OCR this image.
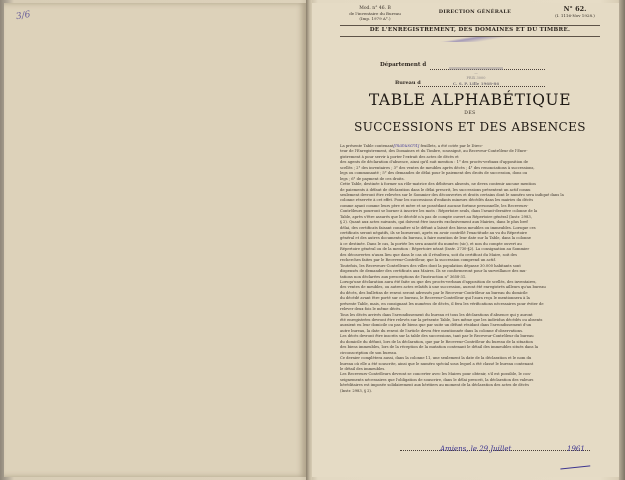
3/6
Mod. n° 46. B
de l'inventaire du Bureau
(Imp. 1979 A°.)
DIRECTION GÉNÉRALE	N° 62.
(I. 1116-Nov 1928.)
DE L'ENREGISTREMENT, DES DOMAINES ET DU TIMBRE.
Département d
—
PRIX 3000
C. S. P. Lille 1968-86
Bureau d
TABLE ALPHABÉTIQUE
DES
SUCCESSIONS ET DES ABSENCES
La présente Table contenant[manuscrit] feuillets, a été cotée par le Direc-
teur de l'Enregistrement, des Domaines et du Timbre, soussigné, au Receveur-Contrôleur de l'Enre-
gistrement à pour servir à porter l'extrait des actes de décès et
des agents de déclaration d'absence, ainsi qu'il suit mention : 1° des procès-verbaux d'apposition de
scellés ; 2° des inventaires ; 3° des ventes de meubles après décès ; 4° des renonciations à successions,
legs ou communauté ; 5° des demandes de délai pour le paiement des droits de succession, dons ou
legs ; 6° de payment de ces droits.
Cette Table, destinée à former un rôle-matrice des débiteurs absents, ne devra contenir aucune mention
de paiements à défaut de déclaration dans le délai prescrit, les successions présentent un actif connu
seulement devront être relevées sur le Sommier des découvertes et droits certains dont le numéro sera indiqué dans la
colonne réservée à cet effet. Pour les successions d'enfants mineurs décédés dans les mairies du décès
comme ayant comme leurs père et mère et ne possédant aucune fortune personnelle, les Receveurs-
Contrôleurs pourront se borner à inscrire les mots : Répertoire seuls, dans l'avant-dernière colonne de la
Table, après s'être assurés que le décédé n'a pas de compte ouvert au Répertoire général (Instr. 2983,
§ 2). Quant aux actes suivants, qui doivent être inscrits exclusivement aux Mairies, dans le plus bref
délai, des certificats faisant connaître si le défunt a laissé des biens meubles ou immeubles. Lorsque ces
certificats seront négatifs, ils se borneront, après en avoir contrôlé l'exactitude au vu du Répertoire
général et des autres documents du bureau, à faire mention de leur date sur la Table, dans la colonne
à ce destinée. Dans le cas, la portée les sera annoté du numéro (sic), et non du compte ouvert au
Répertoire général ou de la mention : Répertoire néant (Instr. 2730-§2). La consignation au Sommier
des découvertes n'aura lieu que dans le cas où il résultera, soit du certificat du Maire, soit des
recherches faites par le Receveur-Contrôleur, que la succession comprend un actif.
Toutefois, les Receveurs-Contrôleurs des villes dont la population dépasse 30.000 habitants sont
dispensés de demander des certificats aux Maires. Ils se conformeront pour la surveillance des mu-
tations non déclarées aux prescriptions de l'instruction n° 3658-31.
Lorsqu'une déclaration aura été faite ou que des procès-verbaux d'apposition de scellés, des inventaires,
des ventes de meubles, ou autres actes relatifs à une succession, auront été enregistrés ailleurs qu'au bureau
du décès, des bulletins de renvoi seront adressés par le Receveur-Contrôleur au bureau du domicile
du décédé avant être porté sur ce bureau, le Receveur-Contrôleur qui l'aura reçu le mentionnera à la
présente Table, mais, en consignant les numéros de décès, il fera les vérifications nécessaires pour éviter de
relever deux fois le même décès.
Tous les décès arrivés dans l'arrondissement du bureau et tous les déclarations d'absence qui y auront
été enregistrées devront être relevés sur la présente Table, lors même que les individus décédés ou absents
auraient eu leur domicile ou pas de biens que par suite un défunt résidant dans l'arrondissement d'un
autre bureau, la date du renvoi de l'article devra être mentionnée dans la colonne d'observations.
Les décès devront être inscrits sur la table des successions, tant par le Receveur-Contrôleur du bureau
du domicile du défunt, lors de la déclaration, que par le Receveur-Contrôleur du bureau de la situation
des biens immeubles, lors de la réception de la mutation contenant le détail des immeubles situés dans la
circonscription de son bureau.
Ce dernier complètera aussi, dans la colonne 11, une seulement la date de la déclaration et le nom du
bureau où elle a été souscrite, ainsi que le numéro spécial sous lequel a été classé le bureau contenant
le détail des immeubles.
Les Receveurs-Contrôleurs devront se concerter avec les Maires pour obtenir, s'il est possible, le con-
seignements nécessaires que l'obligation de souscrire, dans le délai prescrit, la déclaration des valeurs
héréditaires est imposée solidairement aux héritiers au moment de la déclaration des actes de décès
(Instr. 2983, § 2).
Amiens, le 29 Juillet	1961
